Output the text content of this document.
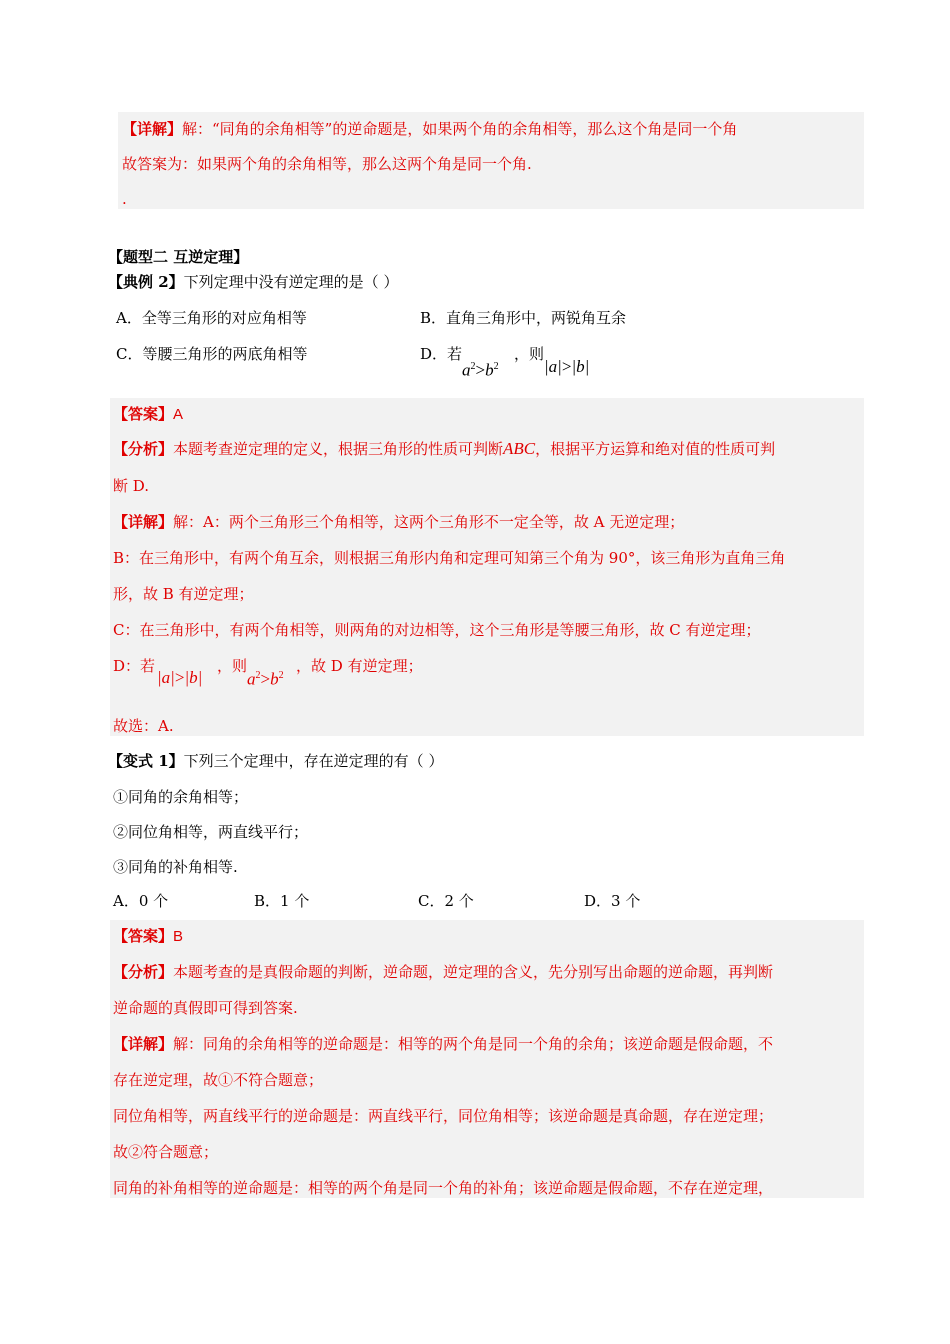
【详解】解：“同角的余角相等”的逆命题是，如果两个角的余角相等，那么这个角是同一个角
故答案为：如果两个角的余角相等，那么这两个角是同一个角.
.
【题型二 互逆定理】
【典例 2】下列定理中没有逆定理的是（ ）
A．全等三角形的对应角相等	B．直角三角形中，两锐角互余
C．等腰三角形的两底角相等	D．若
$a^2>b^2$
，则
|a|>|b|
【答案】A
【分析】本题考查逆定理的定义，根据三角形的性质可判断ABC，根据平方运算和绝对值的性质可判
断 D.
【详解】解：A：两个三角形三个角相等，这两个三角形不一定全等，故 A 无逆定理；
B：在三角形中，有两个角互余，则根据三角形内角和定理可知第三个角为 90°，该三角形为直角三角
形，故 B 有逆定理；
C：在三角形中，有两个角相等，则两角的对边相等，这个三角形是等腰三角形，故 C 有逆定理；
D：若
|a|>|b|
，则
$a^2>b^2$
，故 D 有逆定理；
故选：A.
【变式 1】下列三个定理中，存在逆定理的有（ ）
①同角的余角相等；
②同位角相等，两直线平行；
③同角的补角相等.
A．0 个	B．1 个	C．2 个	D．3 个
【答案】B
【分析】本题考查的是真假命题的判断，逆命题，逆定理的含义，先分别写出命题的逆命题，再判断
逆命题的真假即可得到答案.
【详解】解：同角的余角相等的逆命题是：相等的两个角是同一个角的余角；该逆命题是假命题，不
存在逆定理，故①不符合题意；
同位角相等，两直线平行的逆命题是：两直线平行，同位角相等；该逆命题是真命题，存在逆定理；
故②符合题意；
同角的补角相等的逆命题是：相等的两个角是同一个角的补角；该逆命题是假命题，不存在逆定理，
